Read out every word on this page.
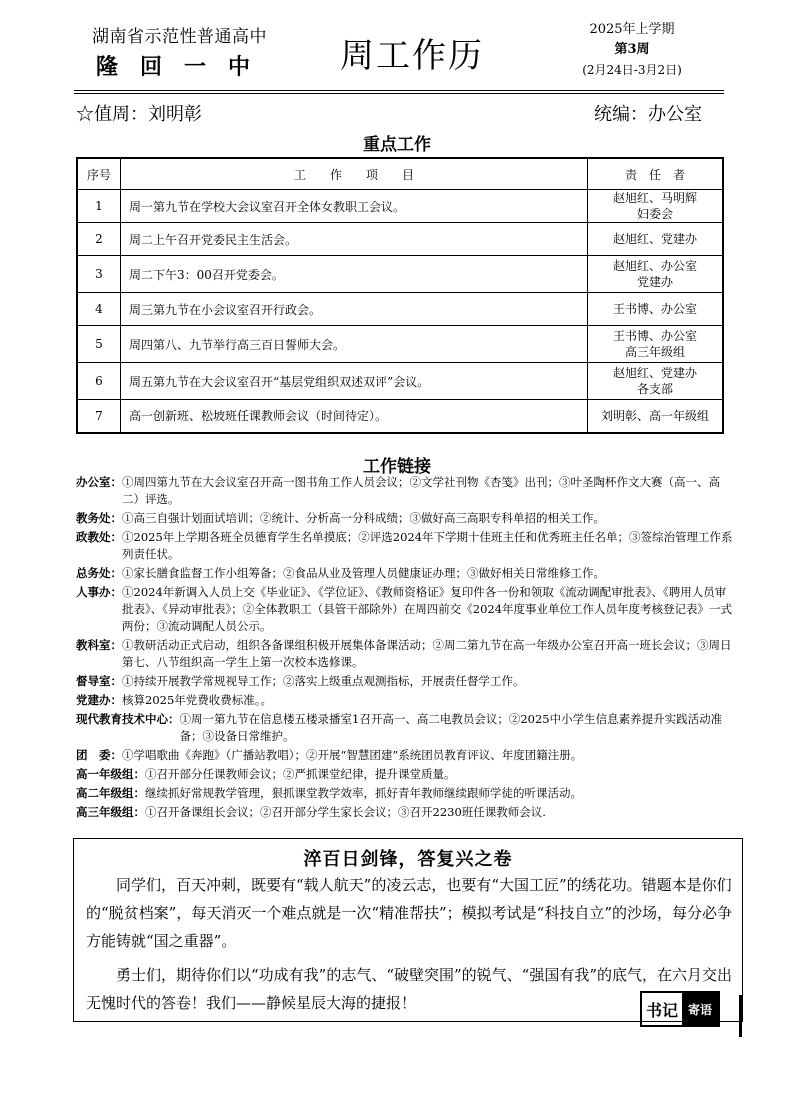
湖南省示范性普通高中
隆回一中 周工作历
2025年上学期
第3周
(2月24日-3月2日)
☆值周：刘明彰	统编：办公室
重点工作
序号	工　　作　　项　　目	责　任　者
1	周一第九节在学校大会议室召开全体女教职工会议。	赵旭红、马明辉
妇委会
2	周二上午召开党委民主生活会。	赵旭红、党建办
3	周二下午3：00召开党委会。	赵旭红、办公室
党建办
4	周三第九节在小会议室召开行政会。	王书博、办公室
5	周四第八、九节举行高三百日誓师大会。	王书博、办公室
高三年级组
6	周五第九节在大会议室召开“基层党组织双述双评”会议。	赵旭红、党建办
各支部
7	高一创新班、松坡班任课教师会议（时间待定）。	刘明彰、高一年级组
工作链接
办公室： ①周四第九节在大会议室召开高一图书角工作人员会议；②文学社刊物《杏笺》出刊；③叶圣陶杯作文大赛（高一、高二）评选。
教务处： ①高三自强计划面试培训；②统计、分析高一分科成绩；③做好高三高职专科单招的相关工作。
政教处： ①2025年上学期各班全员德育学生名单摸底；②评选2024年下学期十佳班主任和优秀班主任名单；③签综治管理工作系列责任状。
总务处： ①家长膳食监督工作小组筹备；②食品从业及管理人员健康证办理；③做好相关日常维修工作。
人事办： ①2024年新调入人员上交《毕业证》、《学位证》、《教师资格证》复印件各一份和领取《流动调配审批表》、《聘用人员审批表》、《异动审批表》；②全体教职工（县管干部除外）在周四前交《2024年度事业单位工作人员年度考核登记表》一式两份；③流动调配人员公示。
教科室： ①教研活动正式启动，组织各备课组积极开展集体备课活动；②周二第九节在高一年级办公室召开高一班长会议；③周日第七、八节组织高一学生上第一次校本选修课。
督导室： ①持续开展教学常规视导工作；②落实上级重点观测指标，开展责任督学工作。
党建办： 核算2025年党费收费标准。。
现代教育技术中心： ①周一第九节在信息楼五楼录播室1召开高一、高二电教员会议；②2025中小学生信息素养提升实践活动准备；③设备日常维护。
团　委： ①学唱歌曲《奔跑》（广播站教唱）；②开展“智慧团建”系统团员教育评议、年度团籍注册。
高一年级组： ①召开部分任课教师会议；②严抓课堂纪律，提升课堂质量。
高二年级组： 继续抓好常规教学管理，狠抓课堂教学效率，抓好青年教师继续跟师学徒的听课活动。
高三年级组： ①召开备课组长会议；②召开部分学生家长会议；③召开2230班任课教师会议.
淬百日剑锋，答复兴之卷

同学们，百天冲刺，既要有“载人航天”的凌云志，也要有“大国工匠”的绣花功。错题本是你们的“脱贫档案”，每天消灭一个难点就是一次“精准帮扶”；模拟考试是“科技自立”的沙场，每分必争方能铸就“国之重器”。

勇士们，期待你们以“功成有我”的志气、“破壁突围”的锐气、“强国有我”的底气，在六月交出无愧时代的答卷！我们——静候星辰大海的捷报！	书记 寄语
